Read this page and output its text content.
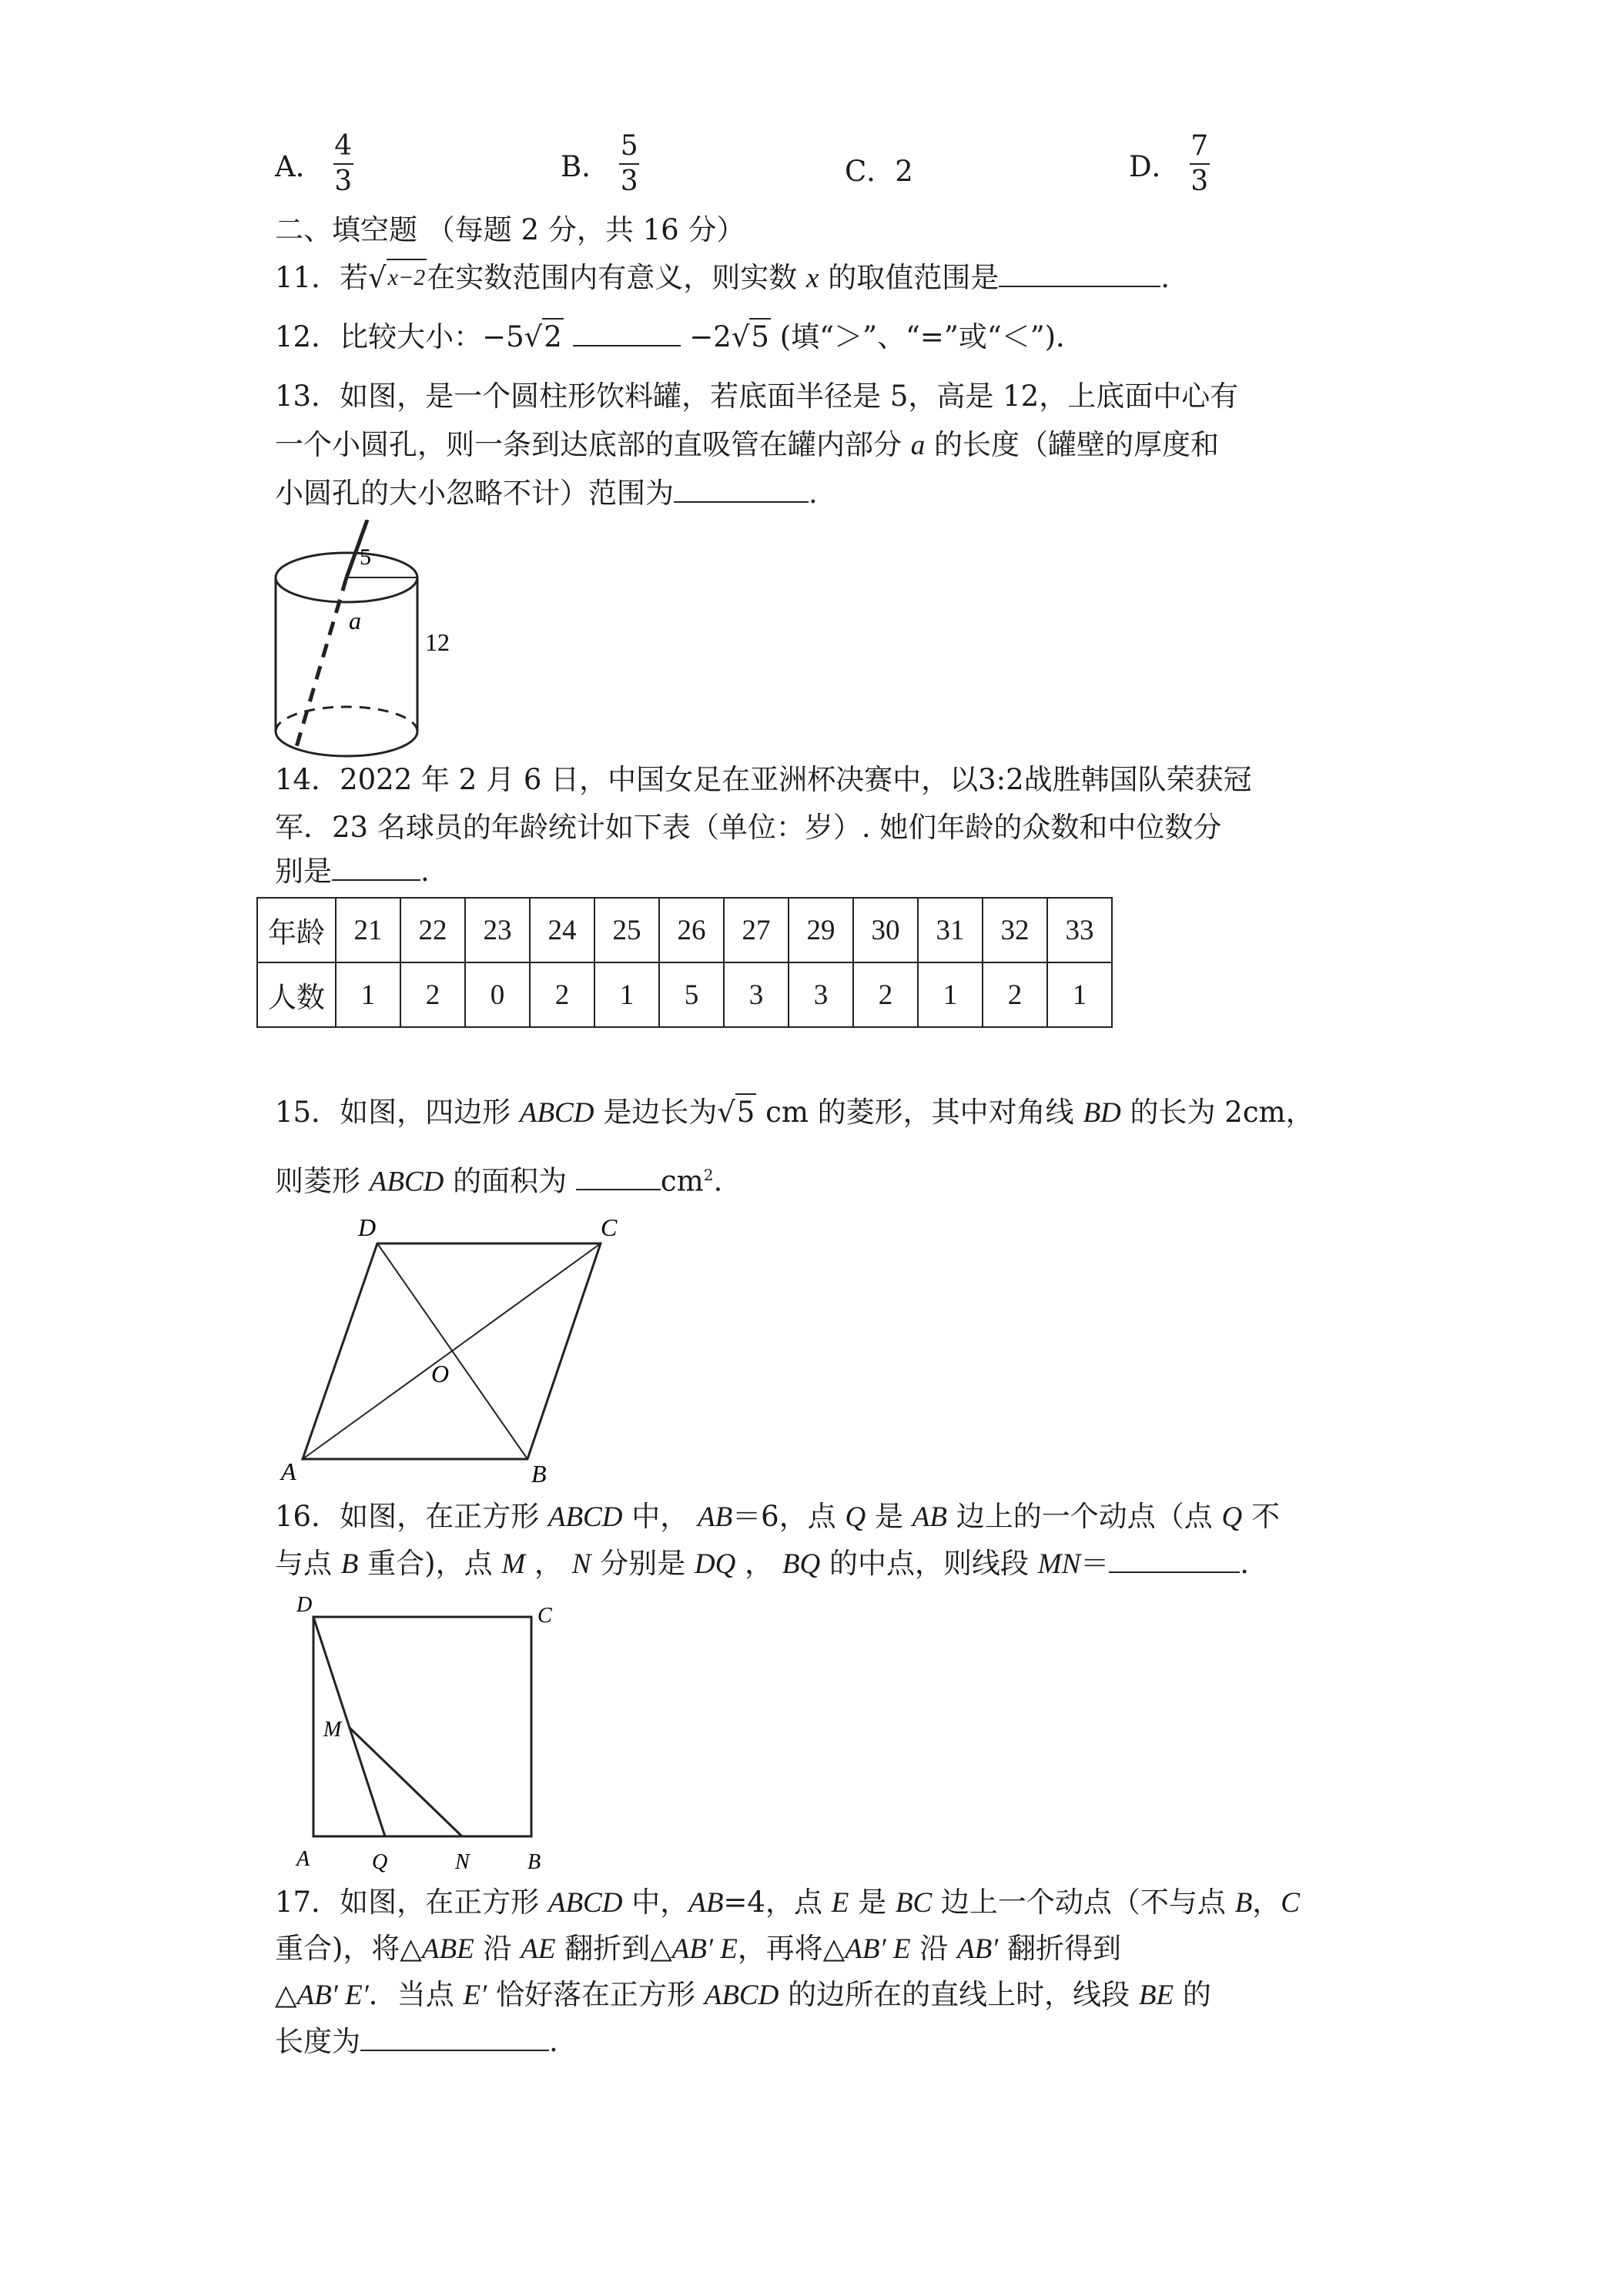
A． $\frac{4}{3}$	B． $\frac{5}{3}$	C．2	D． $\frac{7}{3}$
二、填空题 （每题 2 分，共 16 分）
11．若 √ x−2 在实数范围内有意义，则实数 x 的取值范围是	.
12．比较大小：−5 √ 2	−2 √ 5 (填“＞”、“=”或“＜”)．
13．如图，是一个圆柱形饮料罐，若底面半径是 5，高是 12，上底面中心有
一个小圆孔，则一条到达底部的直吸管在罐内部分 a 的长度（罐壁的厚度和
小圆孔的大小忽略不计）范围为	.
5
a
12
14．2022 年 2 月 6 日，中国女足在亚洲杯决赛中，以3:2战胜韩国队荣获冠
军．23 名球员的年龄统计如下表（单位：岁）. 她们年龄的众数和中位数分
别是	.
年龄	21	22	23	24	25	26	27	29	30	31	32	33
人数	1	2	0	2	1	5	3	3	2	1	2	1
15．如图，四边形 ABCD 是边长为 √ 5 cm 的菱形，其中对角线 BD 的长为 2cm，
则菱形 ABCD 的面积为	$cm^2$.
A	B
C
D
O
16．如图，在正方形 ABCD 中， AB＝6，点 Q 是 AB 边上的一个动点（点 Q 不
与点 B 重合)，点 M ， N 分别是 DQ ， BQ 的中点，则线段 MN＝	.
D	C
M
A	Q	N	B
17．如图，在正方形 ABCD 中，AB=4，点 E 是 BC 边上一个动点（不与点 B，C
重合)，将△ABE 沿 AE 翻折到△AB′ E，再将△AB′ E 沿 AB′ 翻折得到
△AB′ E′．当点 E′ 恰好落在正方形 ABCD 的边所在的直线上时，线段 BE 的
长度为	.
